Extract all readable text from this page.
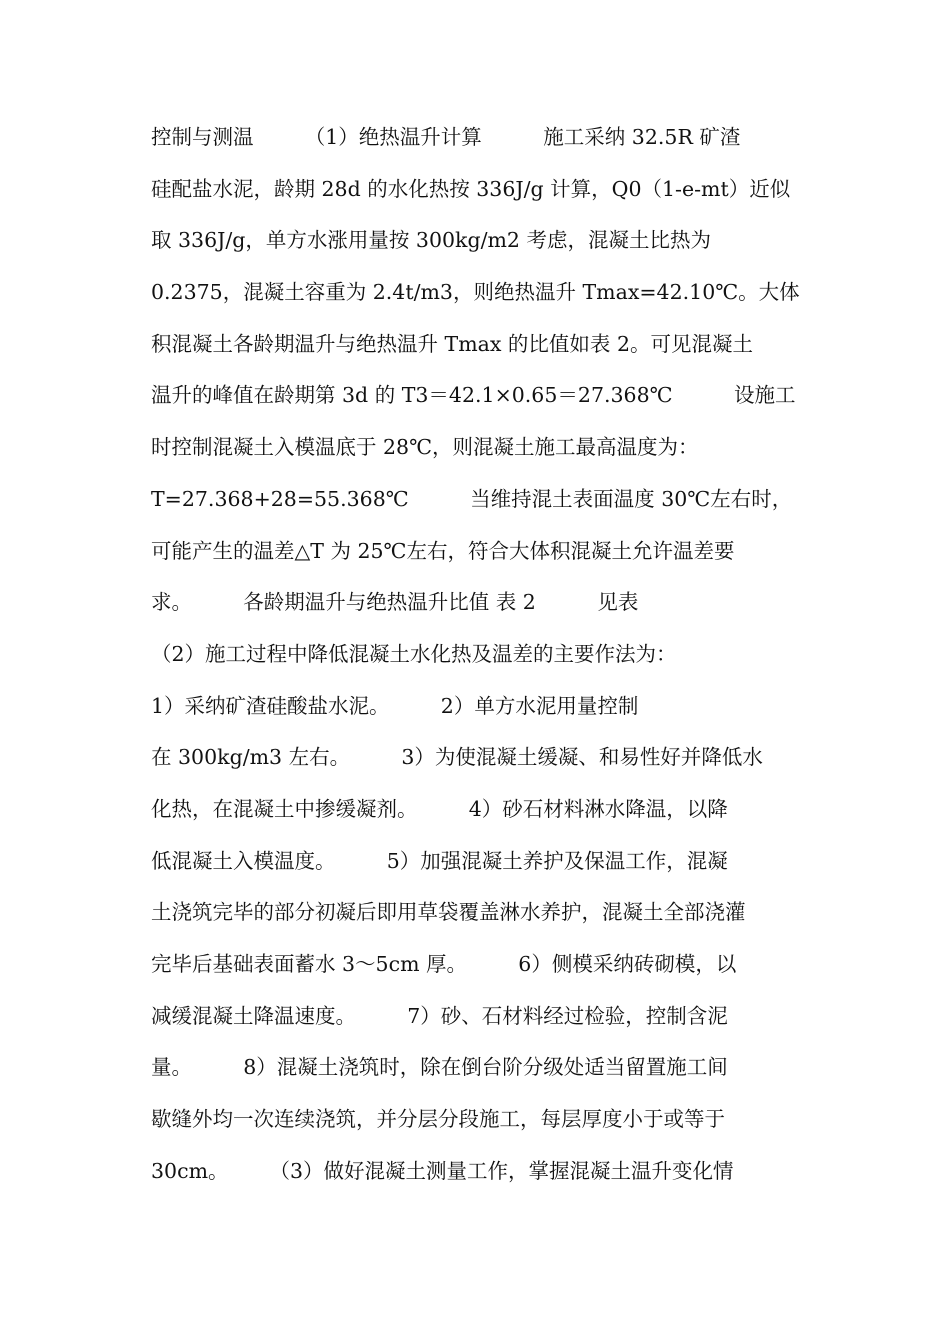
控制与测温　　　（1）绝热温升计算　　　施工采纳 32.5R 矿渣
硅配盐水泥，龄期 28d 的水化热按 336J/g 计算，Q0（1-e-mt）近似
取 336J/g，单方水涨用量按 300kg/m2 考虑，混凝土比热为
0.2375，混凝土容重为 2.4t/m3，则绝热温升 Tmax=42.10℃。大体
积混凝土各龄期温升与绝热温升 Tmax 的比值如表 2。可见混凝土
温升的峰值在龄期第 3d 的 T3＝42.1×0.65＝27.368℃　　　设施工
时控制混凝土入模温底于 28℃，则混凝土施工最高温度为：
T=27.368+28=55.368℃　　　当维持混土表面温度 30℃左右时，
可能产生的温差△T 为 25℃左右，符合大体积混凝土允许温差要
求。　　　各龄期温升与绝热温升比值 表 2　　　见表
（2）施工过程中降低混凝土水化热及温差的主要作法为：
1）采纳矿渣硅酸盐水泥。　　　2）单方水泥用量控制
在 300kg/m3 左右。　　　3）为使混凝土缓凝、和易性好并降低水
化热，在混凝土中掺缓凝剂。　　　4）砂石材料淋水降温，以降
低混凝土入模温度。　　　5）加强混凝土养护及保温工作，混凝
土浇筑完毕的部分初凝后即用草袋覆盖淋水养护，混凝土全部浇灌
完毕后基础表面蓄水 3～5cm 厚。　　　6）侧模采纳砖砌模，以
减缓混凝土降温速度。　　　7）砂、石材料经过检验，控制含泥
量。　　　8）混凝土浇筑时，除在倒台阶分级处适当留置施工间
歇缝外均一次连续浇筑，并分层分段施工，每层厚度小于或等于
30cm。　　　（3）做好混凝土测量工作，掌握混凝土温升变化情
